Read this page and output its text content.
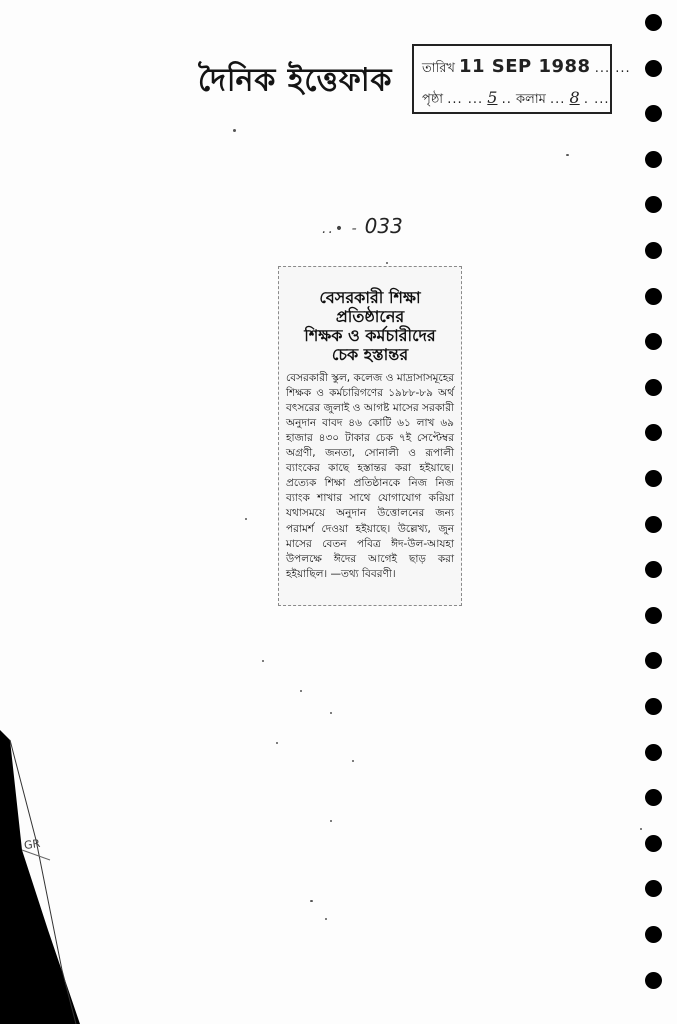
দৈনিক ইত্তেফাক তারিখ 11 SEP 1988 ... ...
পৃষ্ঠা ... ... 5 .. কলাম ... 8 . ...
..• - 033
বেসরকারী শিক্ষা প্রতিষ্ঠানের
শিক্ষক ও কর্মচারীদের
চেক হস্তান্তর

বেসরকারী স্কুল, কলেজ ও মাদ্রাসাসমূহের শিক্ষক ও কর্মচারিগণের ১৯৮৮-৮৯ অর্থ বৎসরের জুলাই ও আগষ্ট মাসের সরকারী অনুদান বাবদ ৪৬ কোটি ৬১ লাখ ৬৯ হাজার ৪৩০ টাকার চেক ৭ই সেপ্টেম্বর অগ্রণী, জনতা, সোনালী ও রূপালী ব্যাংকের কাছে হস্তান্তর করা হইয়াছে। প্রত্যেক শিক্ষা প্রতিষ্ঠানকে নিজ নিজ ব্যাংক শাখার সাথে যোগাযোগ করিয়া যথাসময়ে অনুদান উত্তোলনের জন্য পরামর্শ দেওয়া হইয়াছে। উল্লেখ্য, জুন মাসের বেতন পবিত্র ঈদ-উল-আযহা উপলক্ষে ঈদের আগেই ছাড় করা হইয়াছিল। —তথ্য বিবরণী।

GR
